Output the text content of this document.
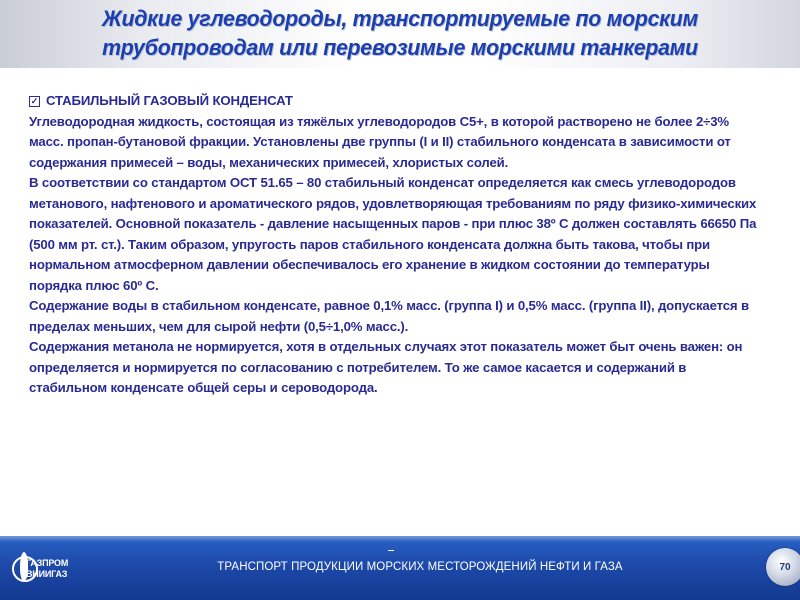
Жидкие углеводороды, транспортируемые по морским
трубопроводам или перевозимые морскими танкерами
✓
СТАБИЛЬНЫЙ ГАЗОВЫЙ КОНДЕНСАТ
Углеводородная жидкость, состоящая из тяжёлых углеводородов С5+, в которой растворено не более 2÷3%
масс. пропан-бутановой фракции. Установлены две группы (I и II) стабильного конденсата в зависимости от
содержания примесей – воды, механических примесей, хлористых солей.
В соответствии со стандартом ОСТ 51.65 – 80 стабильный конденсат определяется как смесь углеводородов
метанового, нафтенового и ароматического рядов, удовлетворяющая требованиям по ряду физико-химических
показателей. Основной показатель - давление насыщенных паров - при плюс 38º С должен составлять 66650 Па
(500 мм рт. ст.). Таким образом, упругость паров стабильного конденсата должна быть такова, чтобы при
нормальном атмосферном давлении обеспечивалось его хранение в жидком состоянии до температуры
порядка плюс 60º С.
Содержание воды в стабильном конденсате, равное 0,1% масс. (группа I) и 0,5% масс. (группа II), допускается в
пределах меньших, чем для сырой нефти (0,5÷1,0% масс.).
Содержания метанола не нормируется, хотя в отдельных случаях этот показатель может быт очень важен: он
определяется и нормируется по согласованию с потребителем. То же самое касается и содержаний в
стабильном конденсате общей серы и сероводорода.
ГАЗПРОМ
ВНИИГАЗ
ТРАНСПОРТ ПРОДУКЦИИ МОРСКИХ МЕСТОРОЖДЕНИЙ НЕФТИ И ГАЗА	70
